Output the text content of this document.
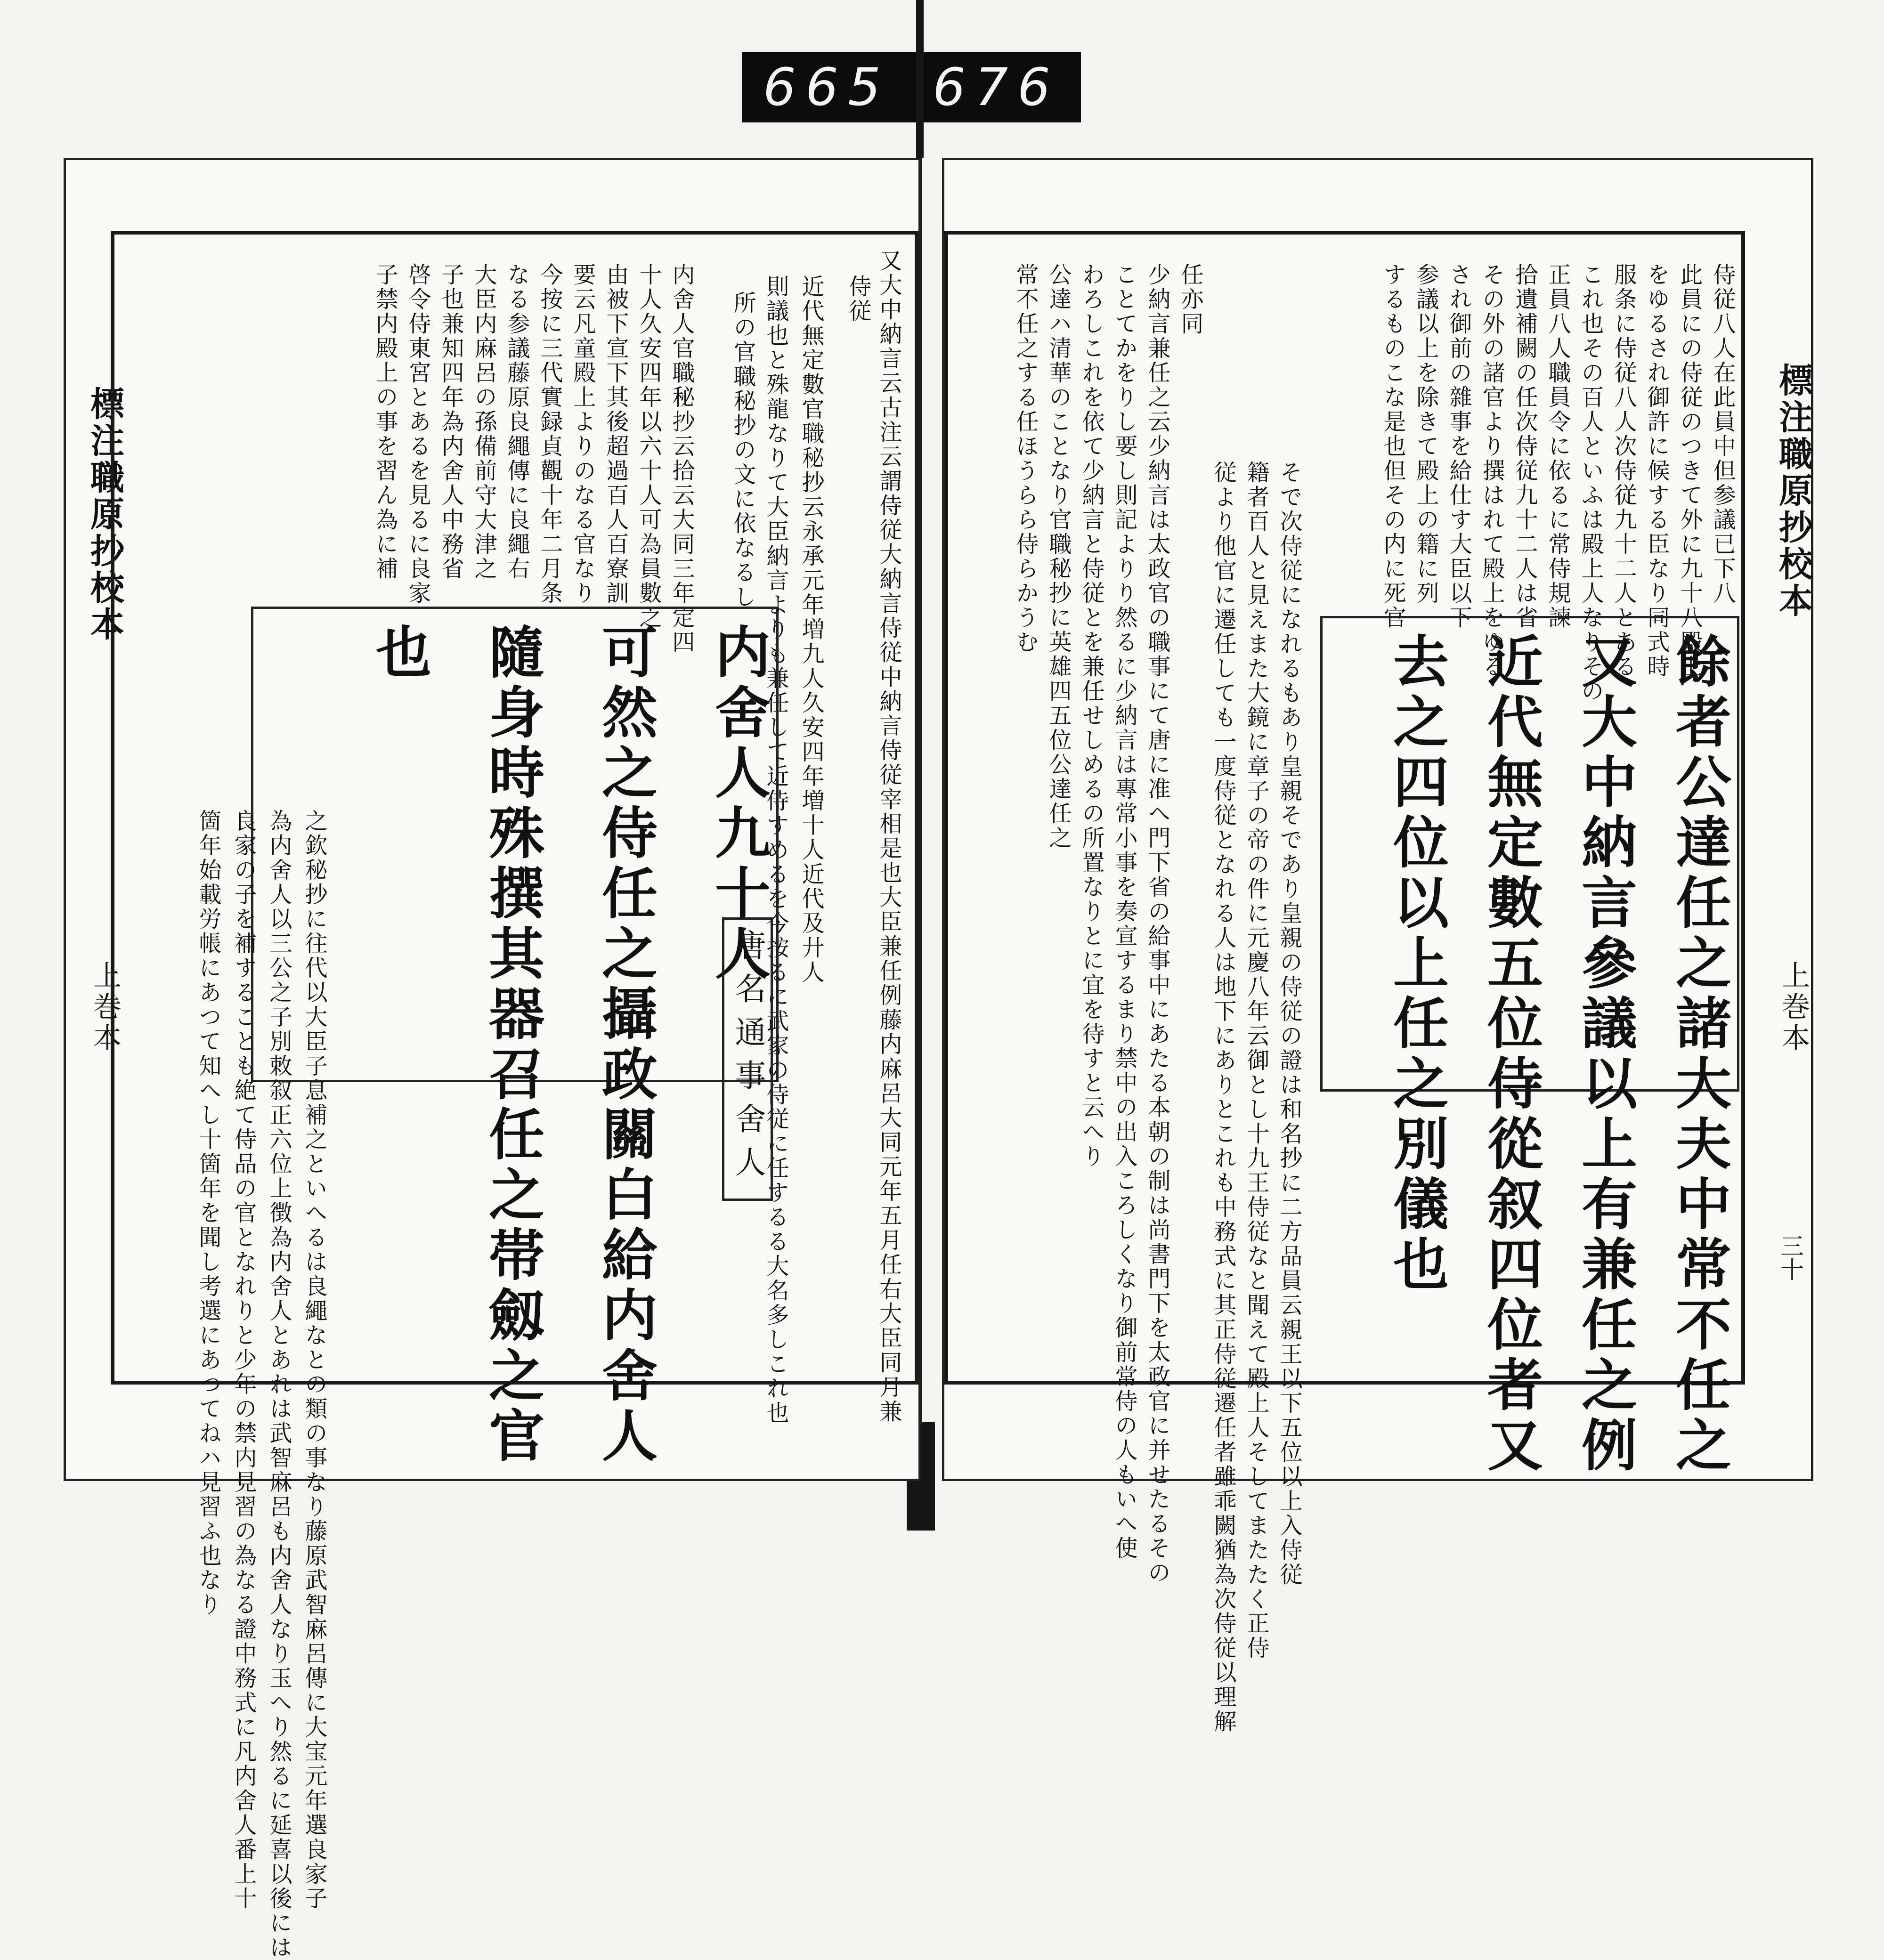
665 676
標注職原抄校本
上巻本	又大中納言云古注云謂侍従大納言侍従中納言侍従宰相是也大臣兼任例藤内麻呂大同元年五月任右大臣同月兼
侍従
近代無定數官職秘抄云永承元年増九人久安四年増十人近代及廾人
則議也と殊龍なりて大臣納言よりも兼任して近侍すめるを今按るに武家の侍従に任するる大名多しこれ也
所の官職秘抄の文に依なるし
内舍人官職秘抄云拾云大同三年定四
十人久安四年以六十人可為員數之
由被下宣下其後超過百人百寮訓
要云凡童殿上よりのなる官なり
今按に三代實録貞觀十年二月条
なる参議藤原良繩傳に良繩右
大臣内麻呂の孫備前守大津之
子也兼知四年為内舍人中務省
啓令侍東宮とあるを見るに良家
子禁内殿上の事を習ん為に補
内舍人九十人
可然之侍任之攝政關白給内舍人
隨身時殊撰其器召任之帯劔之官
也
唐名通事舍人
之欽秘抄に往代以大臣子息補之といへるは良繩なとの類の事なり藤原武智麻呂傳に大宝元年選良家子
為内舍人以三公之子別敕叙正六位上徴為内舍人とあれは武智麻呂も内舍人なり玉へり然るに延喜以後には
良家の子を補することも絶て侍品の官となれりと少年の禁内見習の為なる證中務式に凡内舍人番上十
箇年始載労帳にあつて知へし十箇年を聞し考選にあつてねハ見習ふ也なり
標注職原抄校本
上巻本
三十
侍従八人在此員中但参議已下八
此員にの侍従のつきて外に九十八殿上
をゆるされ御許に候する臣なり同式時
服条に侍従八人次侍従九十二人とある
これ也その百人といふは殿上人なりその
正員八人職員令に依るに常侍規諫
拾遺補闕の任次侍従九十二人は省
その外の諸官より撰はれて殿上をゆる
され御前の雜事を給仕す大臣以下
参議以上を除きて殿上の籍に列
するものこな是也但その内に死官
餘者公達任之諸大夫中常不任之
又大中納言參議以上有兼任之例
近代無定數五位侍從叙四位者又
去之四位以上任之別儀也
そで次侍従になれるもあり皇親そであり皇親の侍従の證は和名抄に二方品員云親王以下五位以上入侍従
籍者百人と見えまた大鏡に章子の帝の件に元慶八年云御とし十九王侍従なと聞えて殿上人そしてまたたく正侍
従より他官に遷任しても一度侍従となれる人は地下にありとこれも中務式に其正侍従遷任者雖乖闕猶為次侍従以理解
任亦同
少納言兼任之云少納言は太政官の職事にて唐に准へ門下省の給事中にあたる本朝の制は尚書門下を太政官に并せたるその
ことてかをりし要し則記よりり然るに少納言は專常小事を奏宣するまり禁中の出入ころしくなり御前常侍の人もいへ使
わろしこれを依て少納言と侍従とを兼任せしめるの所置なりとに宜を待すと云へり
公達ハ清華のことなり官職秘抄に英雄四五位公達任之
常不任之する任ほうらら侍らかうむ
